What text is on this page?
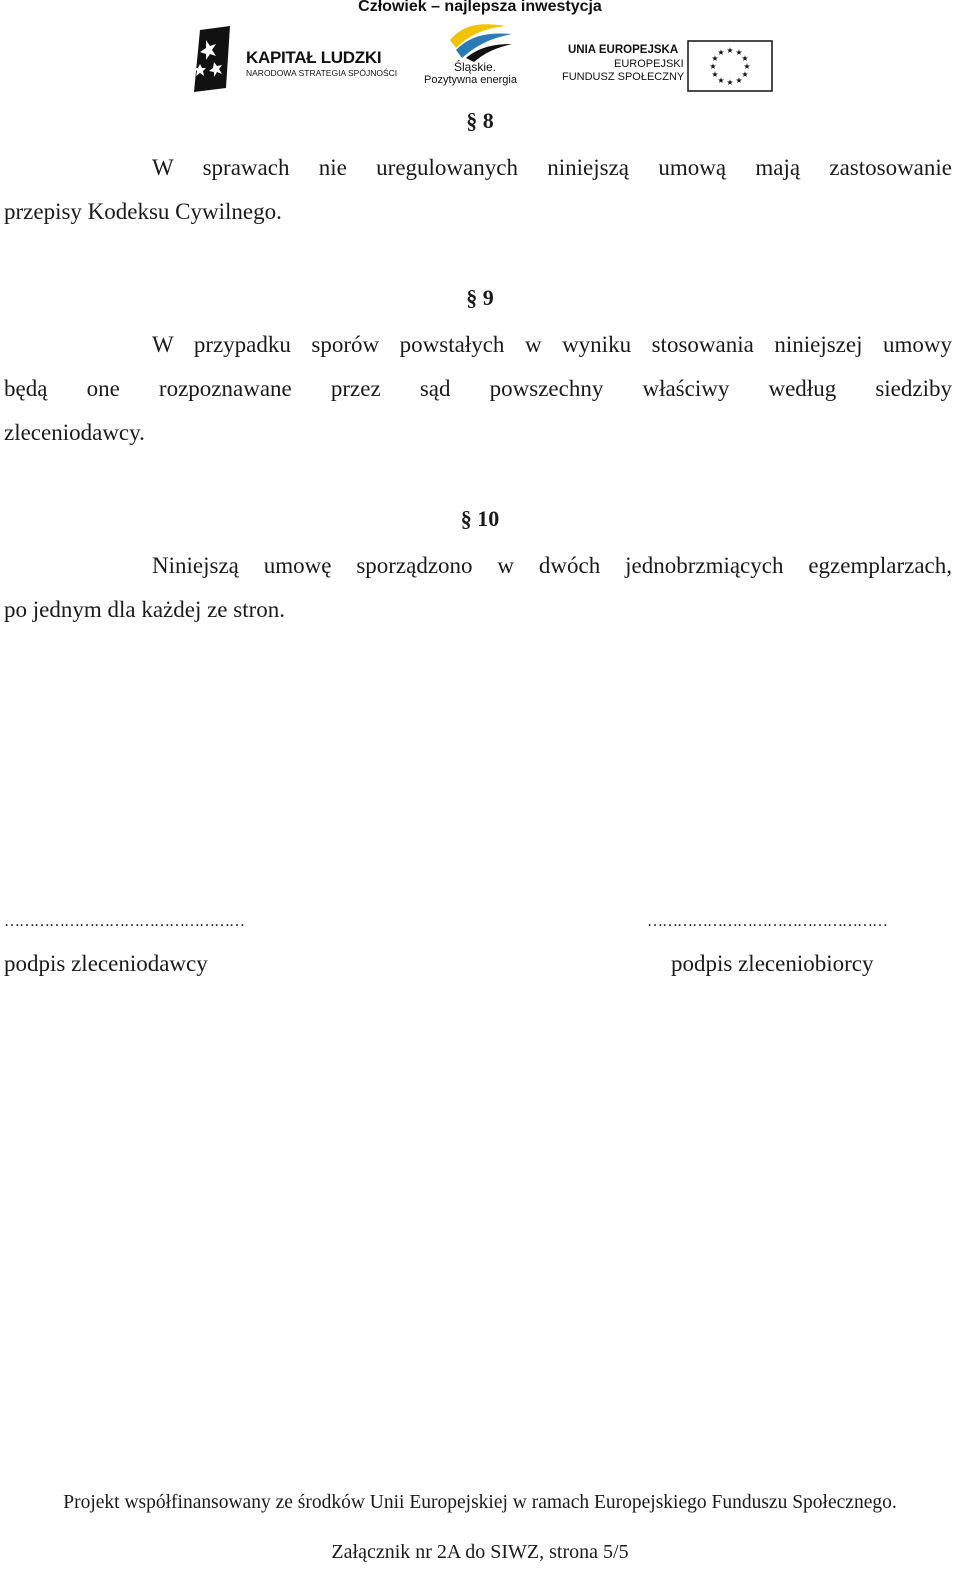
Człowiek – najlepsza inwestycja
KAPITAŁ LUDZKI
NARODOWA STRATEGIA SPÓJNOŚCI	Śląskie.
Pozytywna energia
UNIA EUROPEJSKA
EUROPEJSKI
FUNDUSZ SPOŁECZNY
★ ★
★
★
★
★
★
★
★
★
★
★
§ 8
W sprawach nie uregulowanych niniejszą umową mają zastosowanie
przepisy Kodeksu Cywilnego.
§ 9
W przypadku sporów powstałych w wyniku stosowania niniejszej umowy
będą one rozpoznawane przez sąd powszechny właściwy według siedziby
zleceniodawcy.
§ 10
Niniejszą umowę sporządzono w dwóch jednobrzmiących egzemplarzach,
po jednym dla każdej ze stron.
…………………………………………
podpis zleceniodawcy
…………………………………………
podpis zleceniobiorcy
Projekt współfinansowany ze środków Unii Europejskiej w ramach Europejskiego Funduszu Społecznego.
Załącznik nr 2A do SIWZ, strona 5/5
